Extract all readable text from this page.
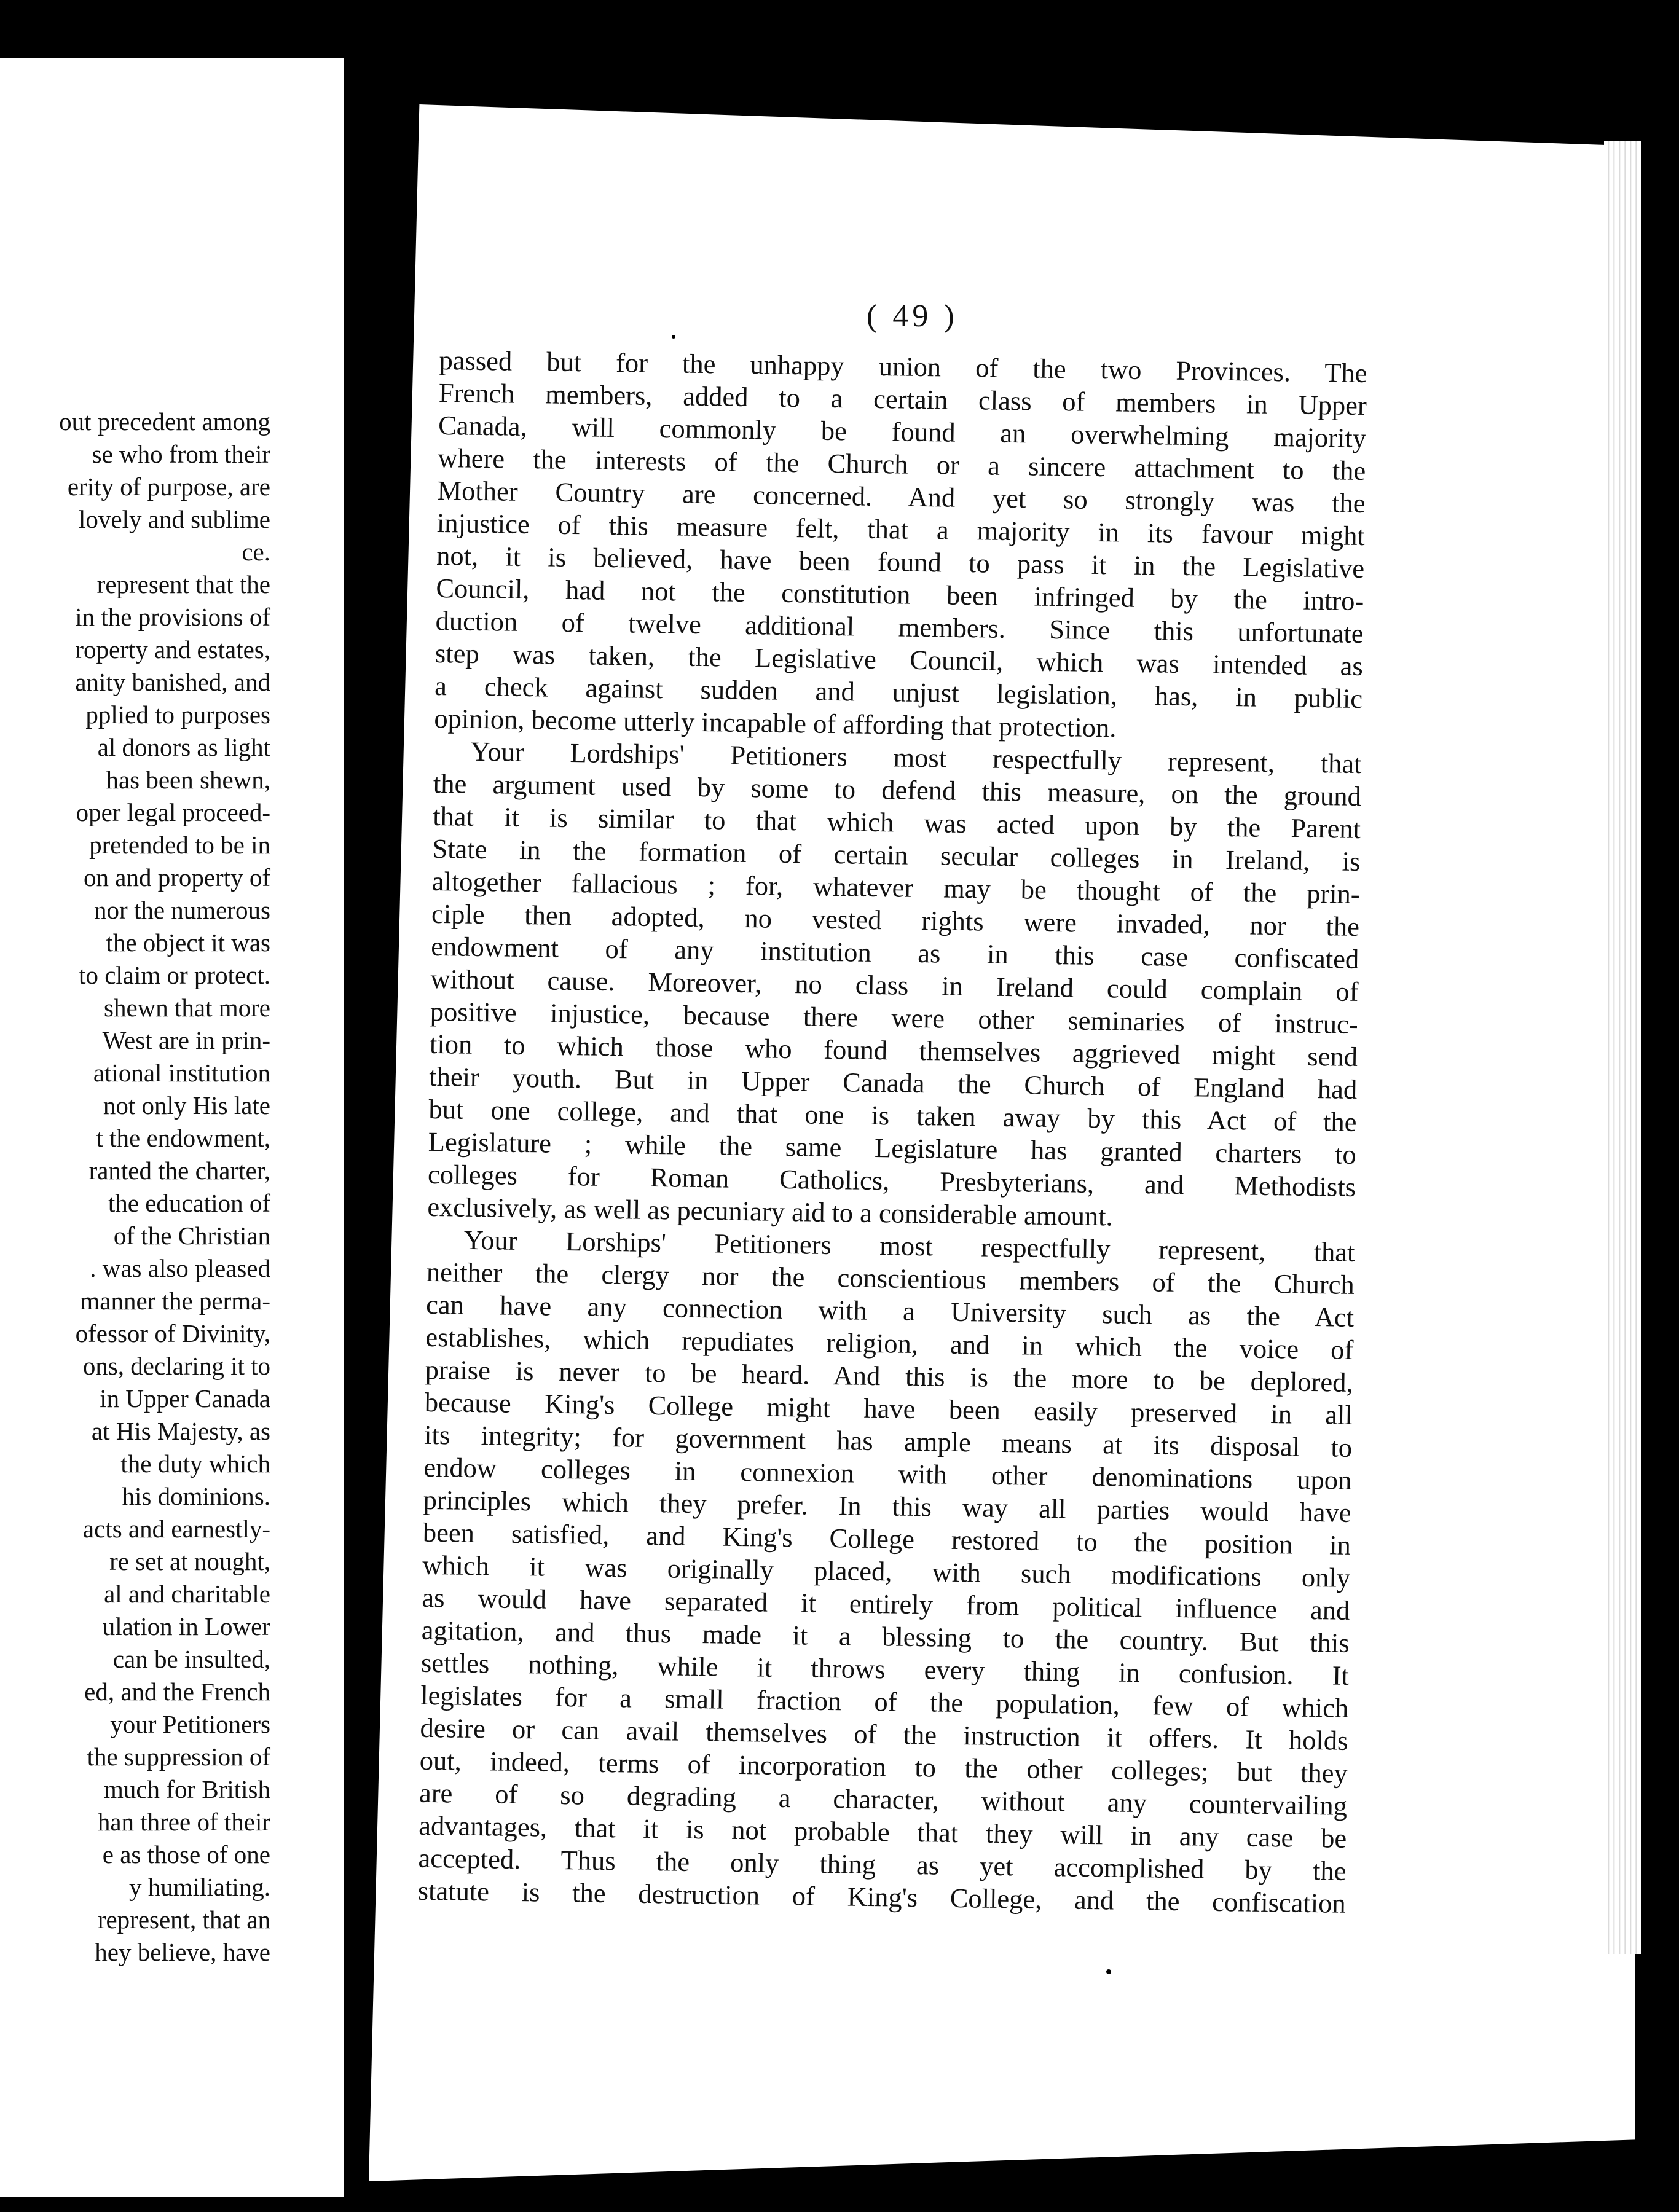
out precedent among
se who from their
erity of purpose, are
lovely and sublime
ce.
represent that the
in the provisions of
roperty and estates,
anity banished, and
pplied to purposes
al donors as light
has been shewn,
oper legal proceed-
pretended to be in
on and property of
nor the numerous
the object it was
to claim or protect.
shewn that more
West are in prin-
ational institution
not only His late
t the endowment,
ranted the charter,
the education of
of the Christian
. was also pleased
manner the perma-
ofessor of Divinity,
ons, declaring it to
in Upper Canada
at His Majesty, as
the duty which
his dominions.
acts and earnestly-
re set at nought,
al and charitable
ulation in Lower
can be insulted,
ed, and the French
your Petitioners
the suppression of
much for British
han three of their
e as those of one
y humiliating.
represent, that an
hey believe, have
( 49 )
passed but for the unhappy union of the two Provinces. The
French members, added to a certain class of members in Upper
Canada, will commonly be found an overwhelming majority
where the interests of the Church or a sincere attachment to the
Mother Country are concerned. And yet so strongly was the
injustice of this measure felt, that a majority in its favour might
not, it is believed, have been found to pass it in the Legislative
Council, had not the constitution been infringed by the intro-
duction of twelve additional members. Since this unfortunate
step was taken, the Legislative Council, which was intended as
a check against sudden and unjust legislation, has, in public
opinion, become utterly incapable of affording that protection.
Your Lordships' Petitioners most respectfully represent, that
the argument used by some to defend this measure, on the ground
that it is similar to that which was acted upon by the Parent
State in the formation of certain secular colleges in Ireland, is
altogether fallacious ; for, whatever may be thought of the prin-
ciple then adopted, no vested rights were invaded, nor the
endowment of any institution as in this case confiscated
without cause. Moreover, no class in Ireland could complain of
positive injustice, because there were other seminaries of instruc-
tion to which those who found themselves aggrieved might send
their youth. But in Upper Canada the Church of England had
but one college, and that one is taken away by this Act of the
Legislature ; while the same Legislature has granted charters to
colleges for Roman Catholics, Presbyterians, and Methodists
exclusively, as well as pecuniary aid to a considerable amount.
Your Lorships' Petitioners most respectfully represent, that
neither the clergy nor the conscientious members of the Church
can have any connection with a University such as the Act
establishes, which repudiates religion, and in which the voice of
praise is never to be heard. And this is the more to be deplored,
because King's College might have been easily preserved in all
its integrity; for government has ample means at its disposal to
endow colleges in connexion with other denominations upon
principles which they prefer. In this way all parties would have
been satisfied, and King's College restored to the position in
which it was originally placed, with such modifications only
as would have separated it entirely from political influence and
agitation, and thus made it a blessing to the country. But this
settles nothing, while it throws every thing in confusion. It
legislates for a small fraction of the population, few of which
desire or can avail themselves of the instruction it offers. It holds
out, indeed, terms of incorporation to the other colleges; but they
are of so degrading a character, without any countervailing
advantages, that it is not probable that they will in any case be
accepted. Thus the only thing as yet accomplished by the
statute is the destruction of King's College, and the confiscation
